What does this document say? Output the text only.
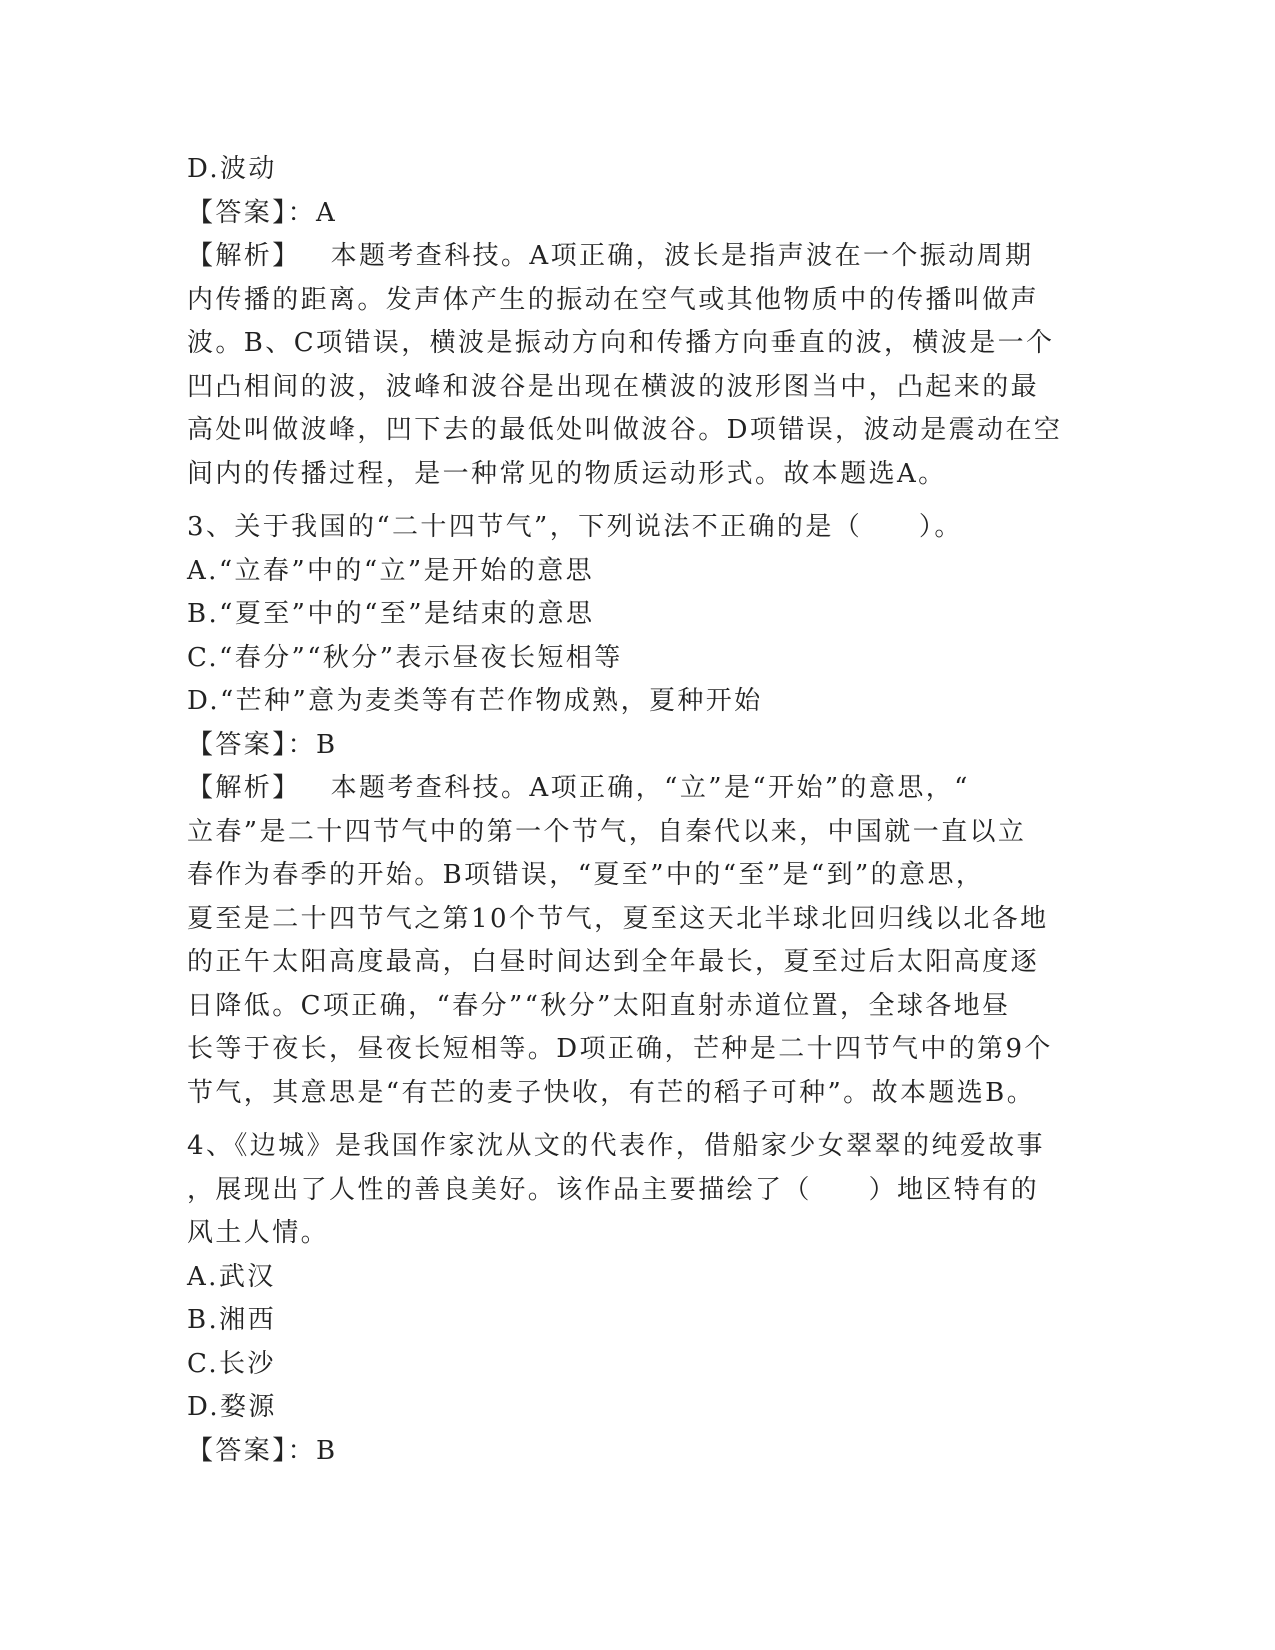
D.波动
【答案】：A
【解析】 本题考查科技。A项正确，波长是指声波在一个振动周期
内传播的距离。发声体产生的振动在空气或其他物质中的传播叫做声
波。B、C项错误，横波是振动方向和传播方向垂直的波，横波是一个
凹凸相间的波，波峰和波谷是出现在横波的波形图当中，凸起来的最
高处叫做波峰，凹下去的最低处叫做波谷。D项错误，波动是震动在空
间内的传播过程，是一种常见的物质运动形式。故本题选A。
3、关于我国的“二十四节气”，下列说法不正确的是（　　）。
A.“立春”中的“立”是开始的意思
B.“夏至”中的“至”是结束的意思
C.“春分”“秋分”表示昼夜长短相等
D.“芒种”意为麦类等有芒作物成熟，夏种开始
【答案】：B
【解析】 本题考查科技。A项正确，“立”是“开始”的意思，“
立春”是二十四节气中的第一个节气，自秦代以来，中国就一直以立
春作为春季的开始。B项错误，“夏至”中的“至”是“到”的意思，
夏至是二十四节气之第10个节气，夏至这天北半球北回归线以北各地
的正午太阳高度最高，白昼时间达到全年最长，夏至过后太阳高度逐
日降低。C项正确，“春分”“秋分”太阳直射赤道位置，全球各地昼
长等于夜长，昼夜长短相等。D项正确，芒种是二十四节气中的第9个
节气，其意思是“有芒的麦子快收，有芒的稻子可种”。故本题选B。
4、《边城》是我国作家沈从文的代表作，借船家少女翠翠的纯爱故事
，展现出了人性的善良美好。该作品主要描绘了（　　）地区特有的
风土人情。
A.武汉
B.湘西
C.长沙
D.婺源
【答案】：B
